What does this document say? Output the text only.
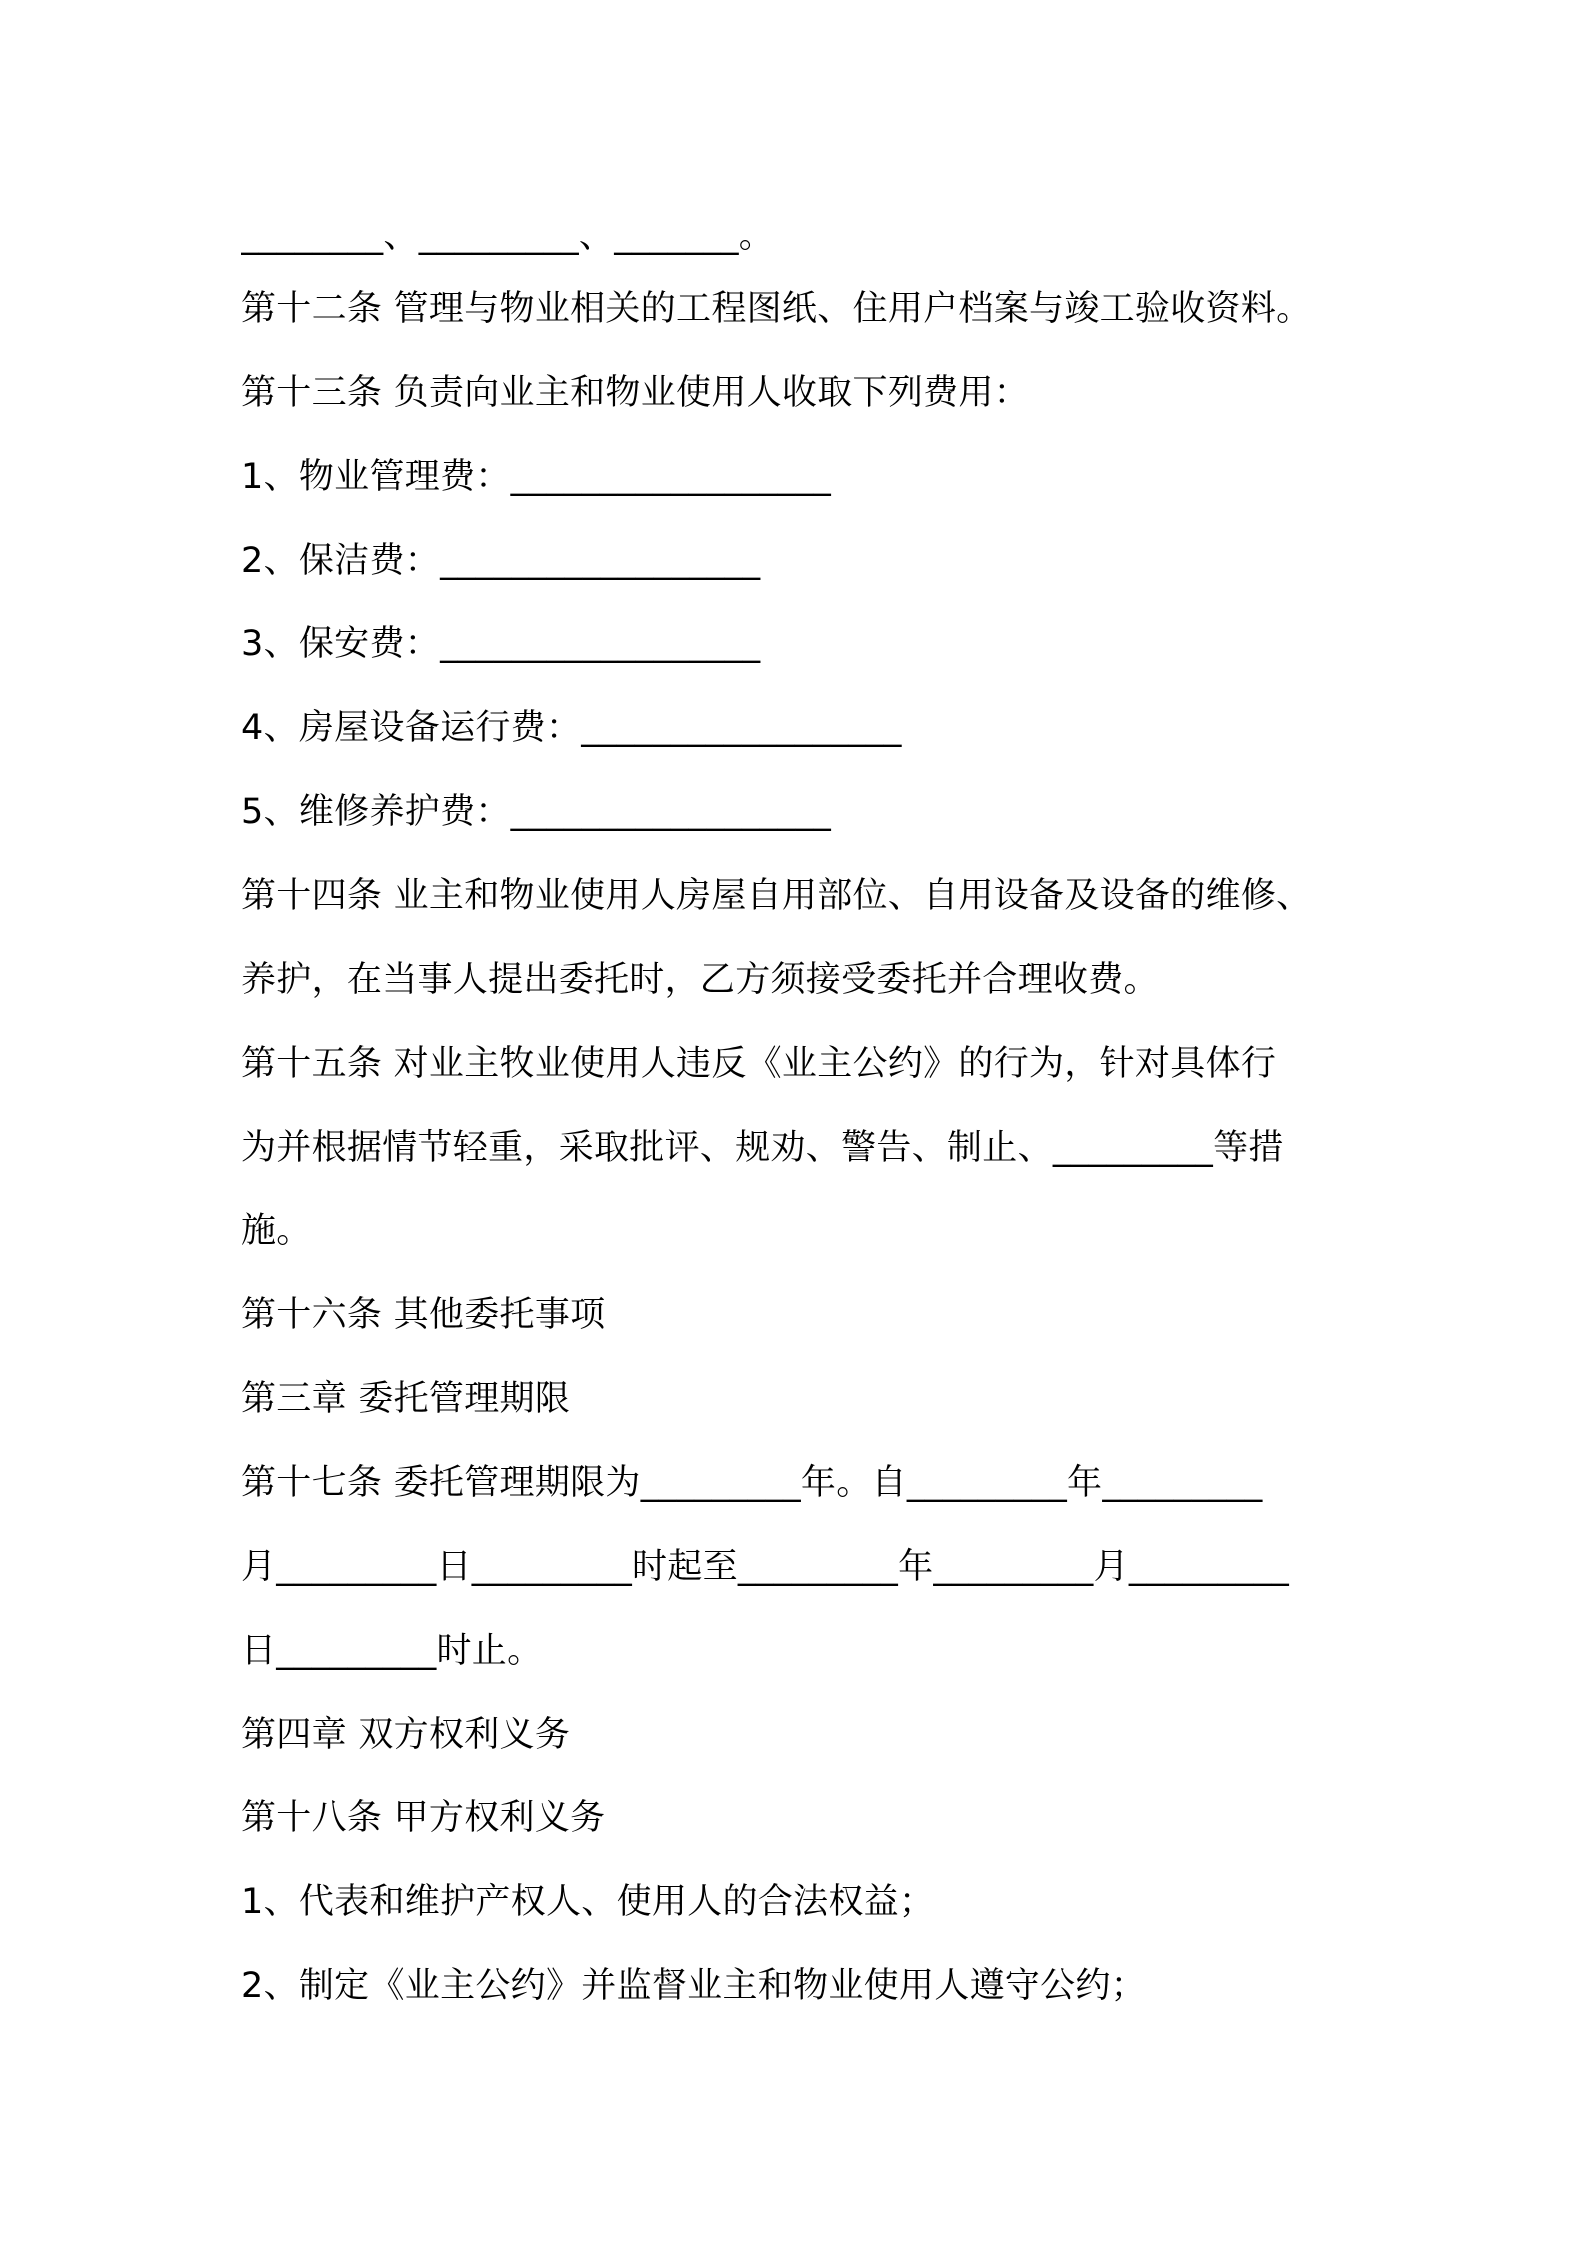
________、_________、_______。
第十二条 管理与物业相关的工程图纸、住用户档案与竣工验收资料。
第十三条 负责向业主和物业使用人收取下列费用：
1、物业管理费：__________________
2、保洁费：__________________
3、保安费：__________________
4、房屋设备运行费：__________________
5、维修养护费：__________________
第十四条 业主和物业使用人房屋自用部位、自用设备及设备的维修、
养护，在当事人提出委托时，乙方须接受委托并合理收费。
第十五条 对业主牧业使用人违反《业主公约》的行为，针对具体行
为并根据情节轻重，采取批评、规劝、警告、制止、_________等措
施。
第十六条 其他委托事项
第三章 委托管理期限
第十七条 委托管理期限为_________年。自_________年_________
月_________日_________时起至_________年_________月_________
日_________时止。
第四章 双方权利义务
第十八条 甲方权利义务
1、代表和维护产权人、使用人的合法权益；
2、制定《业主公约》并监督业主和物业使用人遵守公约；
